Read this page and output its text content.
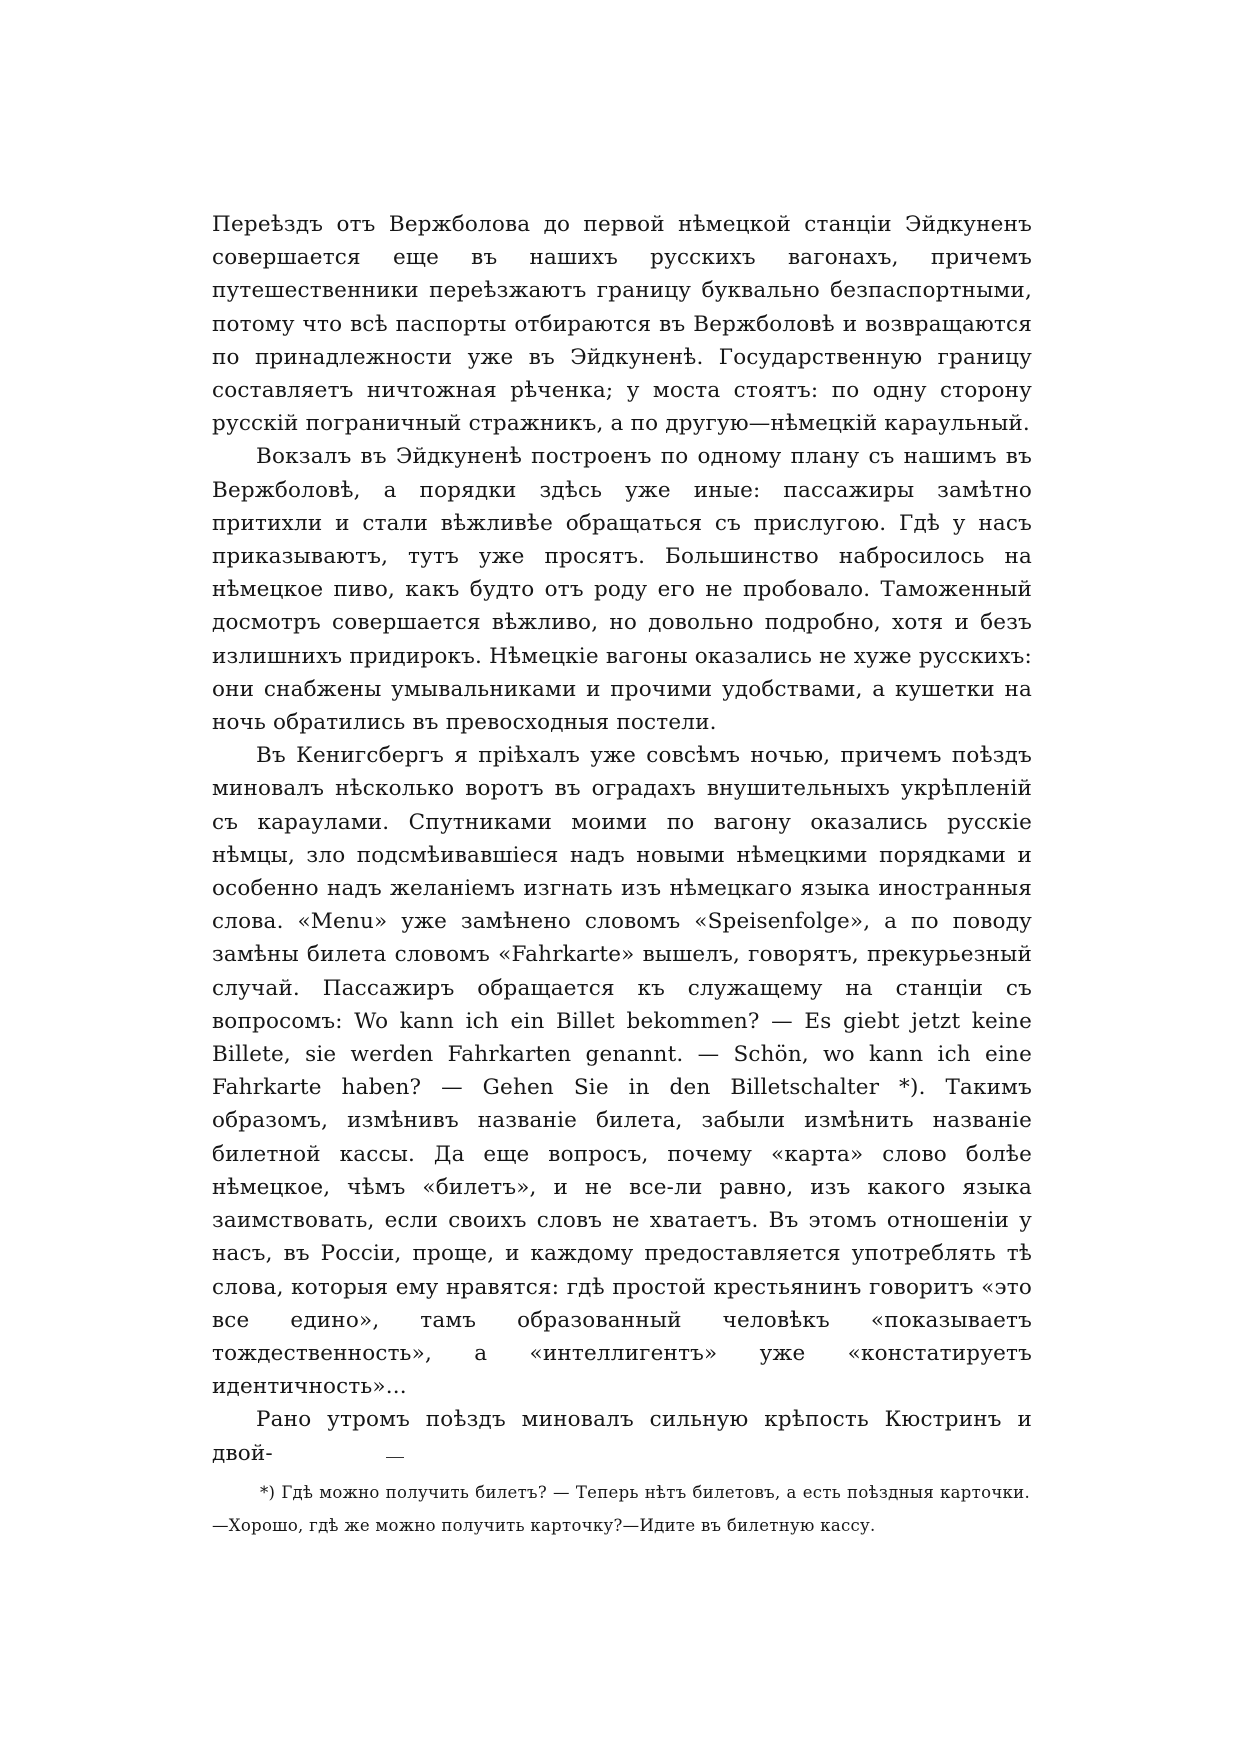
Переѣздъ отъ Вержболова до первой нѣмецкой станціи Эйдкуненъ совершается еще въ нашихъ русскихъ вагонахъ, причемъ путешественники переѣзжаютъ границу буквально безпаспортными, потому что всѣ паспорты отбираются въ Вержболовѣ и возвращаются по принадлежности уже въ Эйдкуненѣ. Государственную границу составляетъ ничтожная рѣченка; у моста стоятъ: по одну сторону русскій пограничный стражникъ, а по другую—нѣмецкій караульный.

Вокзалъ въ Эйдкуненѣ построенъ по одному плану съ нашимъ въ Вержболовѣ, а порядки здѣсь уже иные: пассажиры замѣтно притихли и стали вѣжливѣе обращаться съ прислугою. Гдѣ у насъ приказываютъ, тутъ уже просятъ. Большинство набросилось на нѣмецкое пиво, какъ будто отъ роду его не пробовало. Таможенный досмотръ совершается вѣжливо, но довольно подробно, хотя и безъ излишнихъ придирокъ. Нѣмецкіе вагоны оказались не хуже русскихъ: они снабжены умывальниками и прочими удобствами, а кушетки на ночь обратились въ превосходныя постели.

Въ Кенигсбергъ я пріѣхалъ уже совсѣмъ ночью, причемъ поѣздъ миновалъ нѣсколько воротъ въ оградахъ внушительныхъ укрѣпленій съ караулами. Спутниками моими по вагону оказались русскіе нѣмцы, зло подсмѣивавшіеся надъ новыми нѣмецкими порядками и особенно надъ желаніемъ изгнать изъ нѣмецкаго языка иностранныя слова. «Menu» уже замѣнено словомъ «Speisenfolge», а по поводу замѣны билета словомъ «Fahrkarte» вышелъ, говорятъ, прекурьезный случай. Пассажиръ обращается къ служащему на станціи съ вопросомъ: Wo kann ich ein Billet bekommen? — Es giebt jetzt keine Billete, sie werden Fahrkarten genannt. — Schön, wo kann ich eine Fahrkarte haben? — Gehen Sie in den Billetschalter *). Такимъ образомъ, измѣнивъ названіе билета, забыли измѣнить названіе билетной кассы. Да еще вопросъ, почему «карта» слово болѣе нѣмецкое, чѣмъ «билетъ», и не все-ли равно, изъ какого языка заимствовать, если своихъ словъ не хватаетъ. Въ этомъ отношеніи у насъ, въ Россіи, проще, и каждому предоставляется употреблять тѣ слова, которыя ему нравятся: гдѣ простой крестьянинъ говоритъ «это все едино», тамъ образованный человѣкъ «показываетъ тождественность», а «интеллигентъ» уже «констатируетъ идентичность»...

Рано утромъ поѣздъ миновалъ сильную крѣпость Кюстринъ и двой-

*) Гдѣ можно получить билетъ? — Теперь нѣтъ билетовъ, а есть поѣздныя карточки. —Хорошо, гдѣ же можно получить карточку?—Идите въ билетную кассу.
